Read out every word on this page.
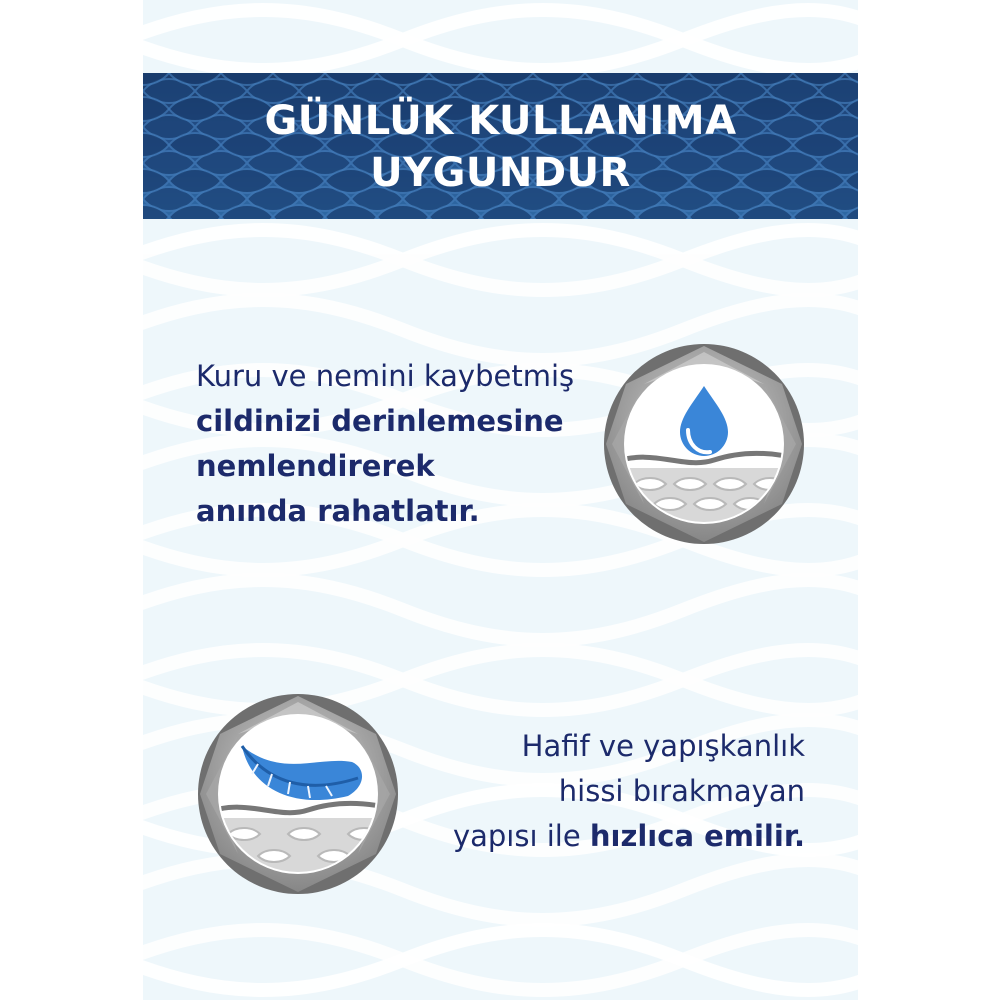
GÜNLÜK KULLANIMA
UYGUNDUR
Kuru ve nemini kaybetmiş
cildinizi derinlemesine
nemlendirerek
anında rahatlatır.
Hafif ve yapışkanlık
hissi bırakmayan
yapısı ile hızlıca emilir.
